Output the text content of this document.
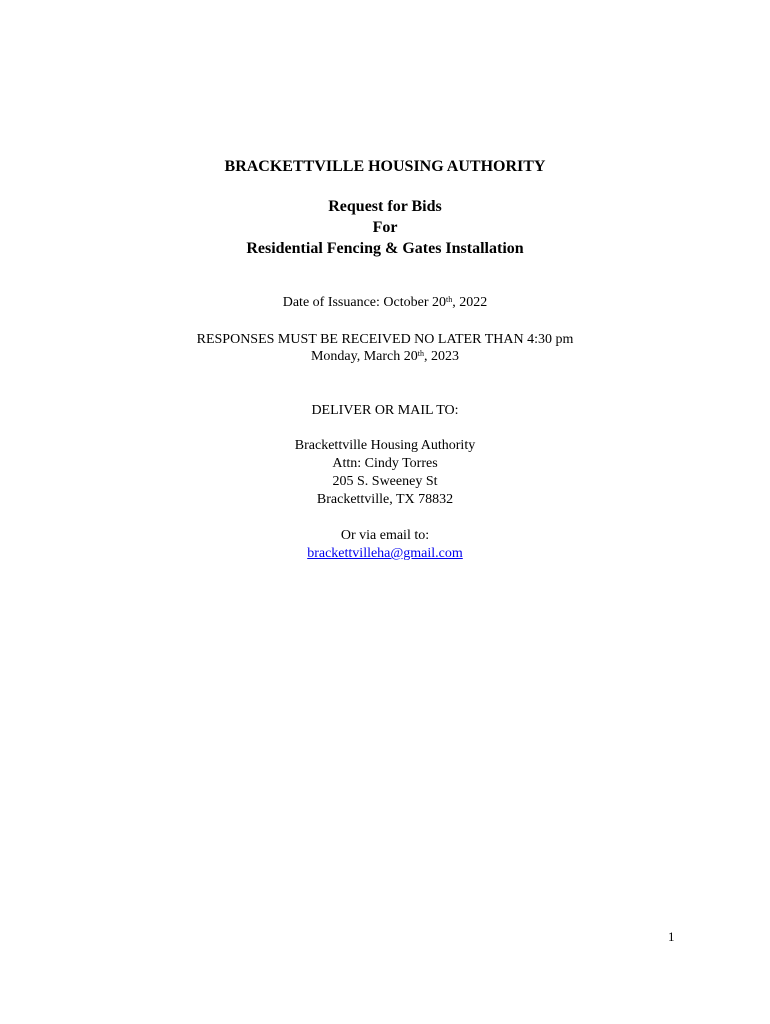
BRACKETTVILLE HOUSING AUTHORITY
Request for Bids
For
Residential Fencing & Gates Installation
Date of Issuance: October 20th, 2022
RESPONSES MUST BE RECEIVED NO LATER THAN 4:30 pm
Monday, March 20th, 2023
DELIVER OR MAIL TO:
Brackettville Housing Authority
Attn: Cindy Torres
205 S. Sweeney St
Brackettville, TX 78832
Or via email to:
brackettvilleha@gmail.com
1
